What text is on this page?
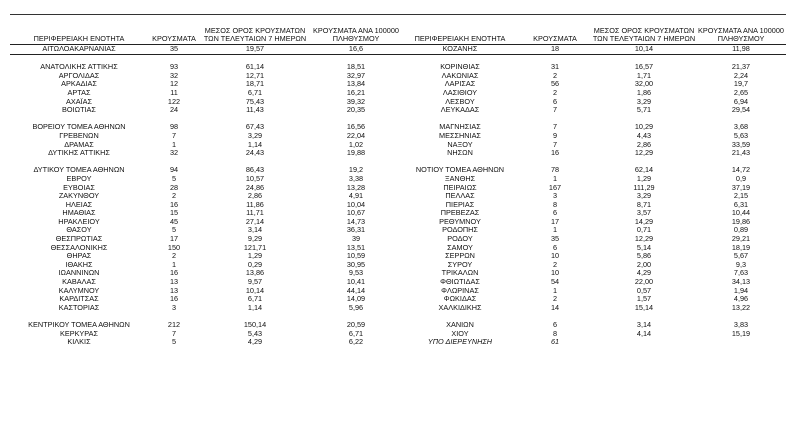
ΠΕΡΙΦΕΡΕΙΑΚΗ ΕΝΟΤΗΤΑ	ΚΡΟΥΣΜΑΤΑ	ΜΕΣΟΣ ΟΡΟΣ ΚΡΟΥΣΜΑΤΩΝ ΤΩΝ ΤΕΛΕΥΤΑΙΩΝ 7 ΗΜΕΡΩΝ	ΚΡΟΥΣΜΑΤΑ ΑΝΑ 100000 ΠΛΗΘΥΣΜΟΥ	ΠΕΡΙΦΕΡΕΙΑΚΗ ΕΝΟΤΗΤΑ	ΚΡΟΥΣΜΑΤΑ	ΜΕΣΟΣ ΟΡΟΣ ΚΡΟΥΣΜΑΤΩΝ ΤΩΝ ΤΕΛΕΥΤΑΙΩΝ 7 ΗΜΕΡΩΝ	ΚΡΟΥΣΜΑΤΑ ΑΝΑ 100000 ΠΛΗΘΥΣΜΟΥ
ΑΙΤΩΛΟΑΚΑΡΝΑΝΙΑΣ	35	19,57	16,6	ΚΟΖΑΝΗΣ	18	10,14	11,98

ΑΝΑΤΟΛΙΚΗΣ ΑΤΤΙΚΗΣ	93	61,14	18,51	ΚΟΡΙΝΘΙΑΣ	31	16,57	21,37
ΑΡΓΟΛΙΔΑΣ	32	12,71	32,97	ΛΑΚΩΝΙΑΣ	2	1,71	2,24
ΑΡΚΑΔΙΑΣ	12	18,71	13,84	ΛΑΡΙΣΑΣ	56	32,00	19,7
ΑΡΤΑΣ	11	6,71	16,21	ΛΑΣΙΘΙΟΥ	2	1,86	2,65
ΑΧΑΪΑΣ	122	75,43	39,32	ΛΕΣΒΟΥ	6	3,29	6,94
ΒΟΙΩΤΙΑΣ	24	11,43	20,35	ΛΕΥΚΑΔΑΣ	7	5,71	29,54

ΒΟΡΕΙΟΥ ΤΟΜΕΑ ΑΘΗΝΩΝ	98	67,43	16,56	ΜΑΓΝΗΣΙΑΣ	7	10,29	3,68
ΓΡΕΒΕΝΩΝ	7	3,29	22,04	ΜΕΣΣΗΝΙΑΣ	9	4,43	5,63
ΔΡΑΜΑΣ	1	1,14	1,02	ΝΑΞΟΥ	7	2,86	33,59
ΔΥΤΙΚΗΣ ΑΤΤΙΚΗΣ	32	24,43	19,88	ΝΗΣΩΝ	16	12,29	21,43

ΔΥΤΙΚΟΥ ΤΟΜΕΑ ΑΘΗΝΩΝ	94	86,43	19,2	ΝΟΤΙΟΥ ΤΟΜΕΑ ΑΘΗΝΩΝ	78	62,14	14,72
ΕΒΡΟΥ	5	10,57	3,38	ΞΑΝΘΗΣ	1	1,29	0,9
ΕΥΒΟΙΑΣ	28	24,86	13,28	ΠΕΙΡΑΙΩΣ	167	111,29	37,19
ΖΑΚΥΝΘΟΥ	2	2,86	4,91	ΠΕΛΛΑΣ	3	3,29	2,15
ΗΛΕΙΑΣ	16	11,86	10,04	ΠΙΕΡΙΑΣ	8	8,71	6,31
ΗΜΑΘΙΑΣ	15	11,71	10,67	ΠΡΕΒΕΖΑΣ	6	3,57	10,44
ΗΡΑΚΛΕΙΟΥ	45	27,14	14,73	ΡΕΘΥΜΝΟΥ	17	14,29	19,86
ΘΑΣΟΥ	5	3,14	36,31	ΡΟΔΟΠΗΣ	1	0,71	0,89
ΘΕΣΠΡΩΤΙΑΣ	17	9,29	39	ΡΟΔΟΥ	35	12,29	29,21
ΘΕΣΣΑΛΟΝΙΚΗΣ	150	121,71	13,51	ΣΑΜΟΥ	6	5,14	18,19
ΘΗΡΑΣ	2	1,29	10,59	ΣΕΡΡΩΝ	10	5,86	5,67
ΙΘΑΚΗΣ	1	0,29	30,95	ΣΥΡΟΥ	2	2,00	9,3
ΙΩΑΝΝΙΝΩΝ	16	13,86	9,53	ΤΡΙΚΑΛΩΝ	10	4,29	7,63
ΚΑΒΑΛΑΣ	13	9,57	10,41	ΦΘΙΩΤΙΔΑΣ	54	22,00	34,13
ΚΑΛΥΜΝΟΥ	13	10,14	44,14	ΦΛΩΡΙΝΑΣ	1	0,57	1,94
ΚΑΡΔΙΤΣΑΣ	16	6,71	14,09	ΦΩΚΙΔΑΣ	2	1,57	4,96
ΚΑΣΤΟΡΙΑΣ	3	1,14	5,96	ΧΑΛΚΙΔΙΚΗΣ	14	15,14	13,22

ΚΕΝΤΡΙΚΟΥ ΤΟΜΕΑ ΑΘΗΝΩΝ	212	150,14	20,59	ΧΑΝΙΩΝ	6	3,14	3,83
ΚΕΡΚΥΡΑΣ	7	5,43	6,71	ΧΙΟΥ	8	4,14	15,19
ΚΙΛΚΙΣ	5	4,29	6,22	ΥΠΟ ΔΙΕΡΕΥΝΗΣΗ	61		
